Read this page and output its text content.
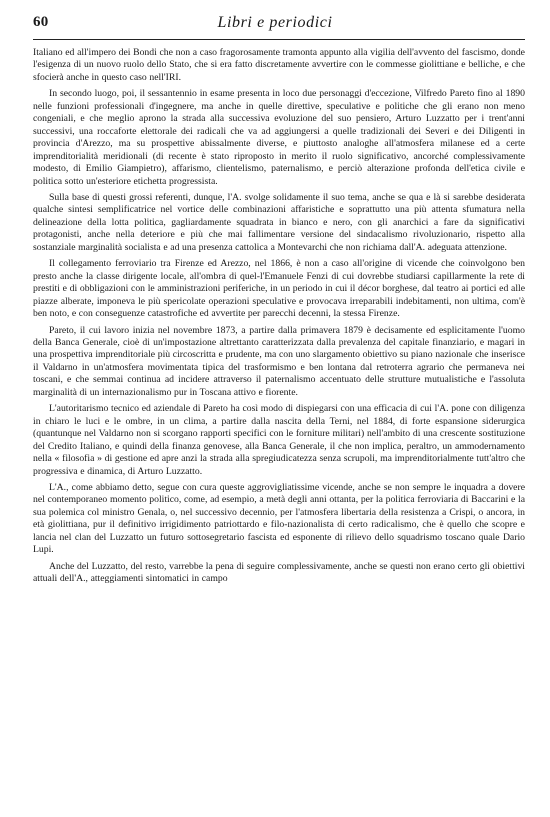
60	Libri e periodici

Italiano ed all'impero dei Bondi che non a caso fragorosamente tramonta appunto alla vigilia dell'avvento del fascismo, donde l'esigenza di un nuovo ruolo dello Stato, che si era fatto discretamente avvertire con le commesse giolittiane e belliche, e che sfocierà anche in questo caso nell'IRI.

In secondo luogo, poi, il sessantennio in esame presenta in loco due personaggi d'eccezione, Vilfredo Pareto fino al 1890 nelle funzioni professionali d'ingegnere, ma anche in quelle direttive, speculative e politiche che gli erano non meno congeniali, e che meglio aprono la strada alla successiva evoluzione del suo pensiero, Arturo Luzzatto per i trent'anni successivi, una roccaforte elettorale dei radicali che va ad aggiungersi a quelle tradizionali dei Severi e dei Diligenti in provincia d'Arezzo, ma su prospettive abissalmente diverse, e piuttosto analoghe all'atmosfera milanese ed a certe imprenditorialità meridionali (di recente è stato riproposto in merito il ruolo significativo, ancorché complessivamente modesto, di Emilio Giampietro), affarismo, clientelismo, paternalismo, e perciò alterazione profonda dell'etica civile e politica sotto un'esteriore etichetta progressista.

Sulla base di questi grossi referenti, dunque, l'A. svolge solidamente il suo tema, anche se qua e là si sarebbe desiderata qualche sintesi semplificatrice nel vortice delle combinazioni affaristiche e soprattutto una più attenta sfumatura nella delineazione della lotta politica, gagliardamente squadrata in bianco e nero, con gli anarchici a fare da significativi protagonisti, anche nella deteriore e più che mai fallimentare versione del sindacalismo rivoluzionario, rispetto alla sostanziale marginalità socialista e ad una presenza cattolica a Montevarchi che non richiama dall'A. adeguata attenzione.

Il collegamento ferroviario tra Firenze ed Arezzo, nel 1866, è non a caso all'origine di vicende che coinvolgono ben presto anche la classe dirigente locale, all'ombra di quel-l'Emanuele Fenzi di cui dovrebbe studiarsi capillarmente la rete di prestiti e di obbligazioni con le amministrazioni periferiche, in un periodo in cui il décor borghese, dal teatro ai portici ed alle piazze alberate, imponeva le più spericolate operazioni speculative e provocava irreparabili indebitamenti, non ultima, com'è ben noto, e con conseguenze catastrofiche ed avvertite per parecchi decenni, la stessa Firenze.

Pareto, il cui lavoro inizia nel novembre 1873, a partire dalla primavera 1879 è decisamente ed esplicitamente l'uomo della Banca Generale, cioè di un'impostazione altrettanto caratterizzata dalla prevalenza del capitale finanziario, e magari in una prospettiva imprenditoriale più circoscritta e prudente, ma con uno slargamento obiettivo su piano nazionale che inserisce il Valdarno in un'atmosfera movimentata tipica del trasformismo e ben lontana dal retroterra agrario che permaneva nei toscani, e che semmai continua ad incidere attraverso il paternalismo accentuato delle strutture mutualistiche e l'assoluta marginalità di un internazionalismo pur in Toscana attivo e fiorente.

L'autoritarismo tecnico ed aziendale di Pareto ha così modo di dispiegarsi con una efficacia di cui l'A. pone con diligenza in chiaro le luci e le ombre, in un clima, a partire dalla nascita della Terni, nel 1884, di forte espansione siderurgica (quantunque nel Valdarno non si scorgano rapporti specifici con le forniture militari) nell'ambito di una crescente sostituzione del Credito Italiano, e quindi della finanza genovese, alla Banca Generale, il che non implica, peraltro, un ammodernamento nella « filosofia » di gestione ed apre anzi la strada alla spregiudicatezza senza scrupoli, ma imprenditorialmente tutt'altro che progressiva e dinamica, di Arturo Luzzatto.

L'A., come abbiamo detto, segue con cura queste aggrovigliatissime vicende, anche se non sempre le inquadra a dovere nel contemporaneo momento politico, come, ad esempio, a metà degli anni ottanta, per la politica ferroviaria di Baccarini e la sua polemica col ministro Genala, o, nel successivo decennio, per l'atmosfera libertaria della resistenza a Crispi, o ancora, in età giolittiana, pur il definitivo irrigidimento patriottardo e filo-nazionalista di certo radicalismo, che è quello che scopre e lancia nel clan del Luzzatto un futuro sottosegretario fascista ed esponente di rilievo dello squadrismo toscano quale Dario Lupi.

Anche del Luzzatto, del resto, varrebbe la pena di seguire complessivamente, anche se questi non erano certo gli obiettivi attuali dell'A., atteggiamenti sintomatici in campo
